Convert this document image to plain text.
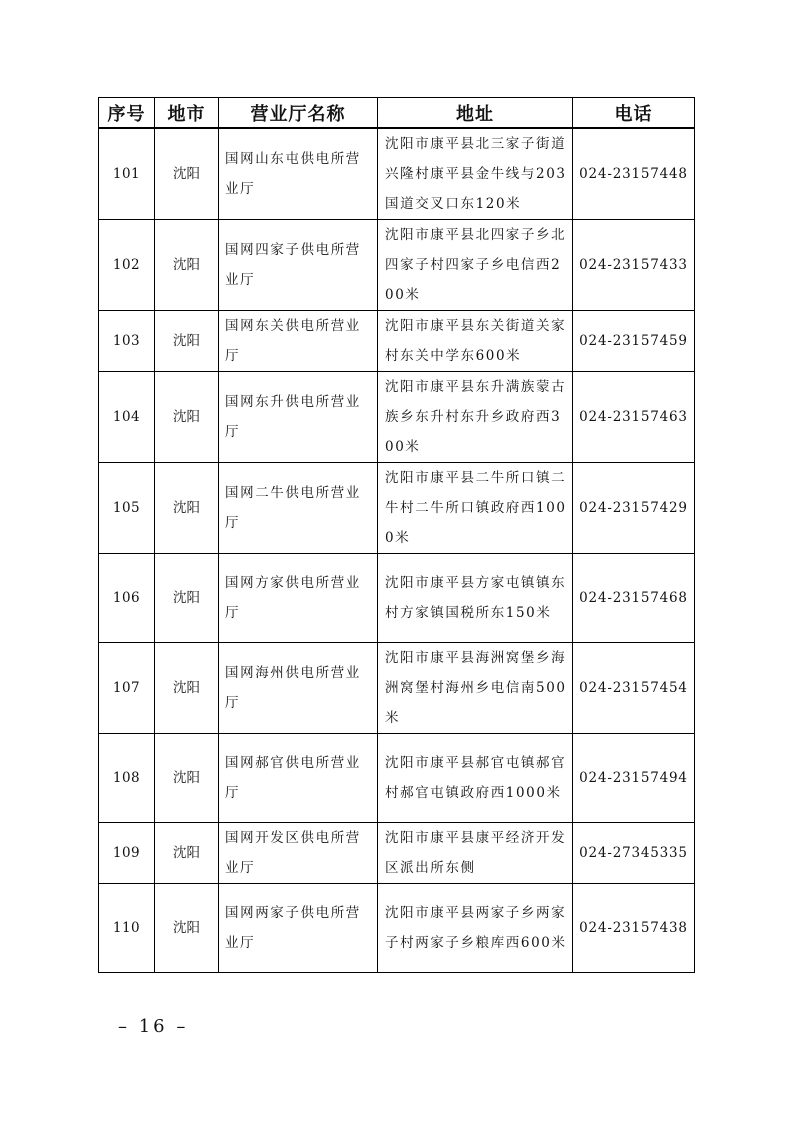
序号	地市	营业厅名称	地址	电话
101	沈阳	国网山东屯供电所营业厅	沈阳市康平县北三家子街道兴隆村康平县金牛线与203国道交叉口东120米	024-23157448
102	沈阳	国网四家子供电所营业厅	沈阳市康平县北四家子乡北四家子村四家子乡电信西200米	024-23157433
103	沈阳	国网东关供电所营业厅	沈阳市康平县东关街道关家村东关中学东600米	024-23157459
104	沈阳	国网东升供电所营业厅	沈阳市康平县东升满族蒙古族乡东升村东升乡政府西300米	024-23157463
105	沈阳	国网二牛供电所营业厅	沈阳市康平县二牛所口镇二牛村二牛所口镇政府西1000米	024-23157429
106	沈阳	国网方家供电所营业厅	沈阳市康平县方家屯镇镇东村方家镇国税所东150米	024-23157468
107	沈阳	国网海州供电所营业厅	沈阳市康平县海洲窝堡乡海洲窝堡村海州乡电信南500米	024-23157454
108	沈阳	国网郝官供电所营业厅	沈阳市康平县郝官屯镇郝官村郝官屯镇政府西1000米	024-23157494
109	沈阳	国网开发区供电所营业厅	沈阳市康平县康平经济开发区派出所东侧	024-27345335
110	沈阳	国网两家子供电所营业厅	沈阳市康平县两家子乡两家子村两家子乡粮库西600米	024-23157438
– 16 –
